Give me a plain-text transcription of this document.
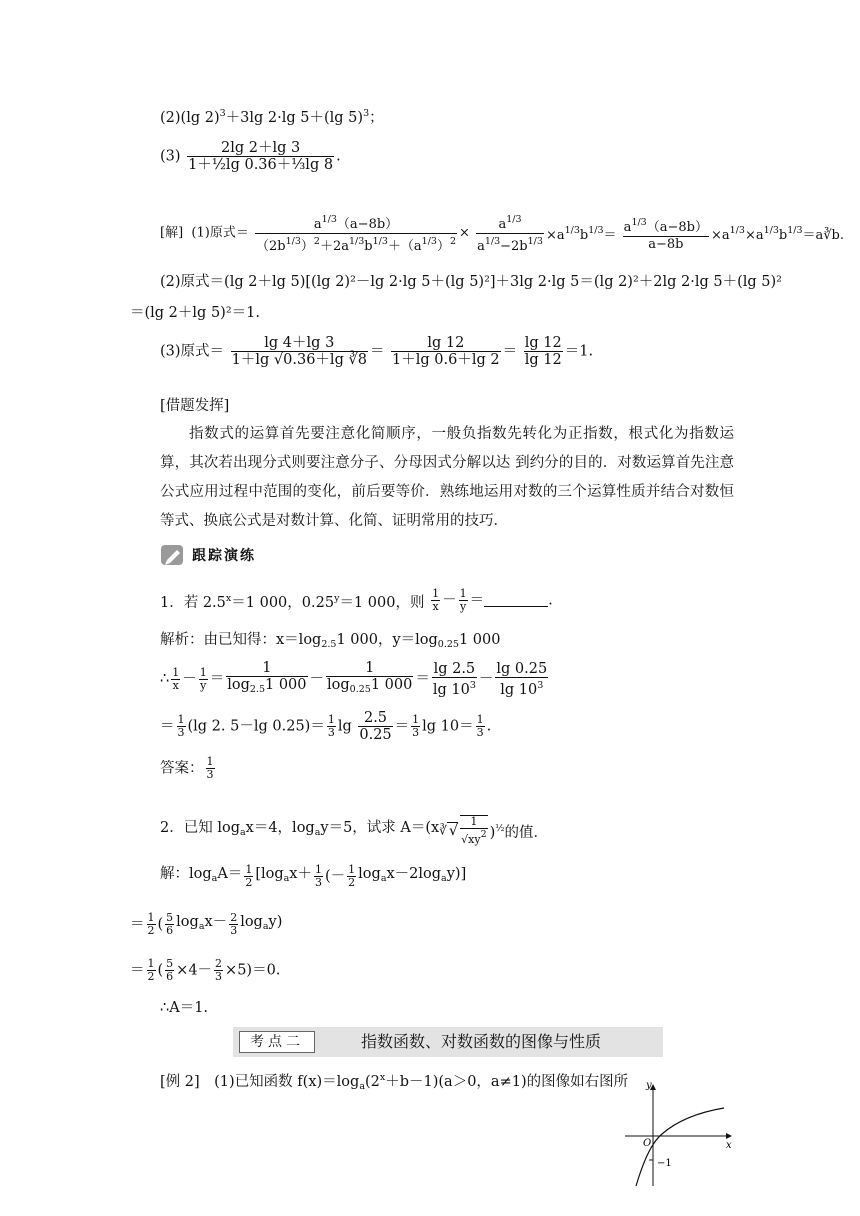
(2)(lg 2)$^3$＋3lg 2·lg 5＋(lg 5)$^3$；
$(3) \frac{2\lg 2+\lg 3}{\text{1＋½lg 0.36＋⅓lg 8}}$ .
[解]  (1)原式＝ $\frac{a^{1/3}(a-8b)}{(2b^{1/3})^2+2a^{1/3}b^{1/3}+(a^{1/3})^2} \times \frac{a^{1/3}}{a^{1/3}-2b^{1/3}} \times a^{1/3}b^{1/3}= \frac{a^{1/3}(a-8b)}{a-8b}$ $\times a^{1/3}\times a^{1/3}b^{1/3}=a∛b$.
(2)原式＝(lg 2＋lg 5)[(lg 2)²－lg 2·lg 5＋(lg 5)²]＋3lg 2·lg 5＝(lg 2)²＋2lg 2·lg 5＋(lg 5)²
＝(lg 2＋lg 5)²＝1.
(3)原式＝ $\frac{\lg 4+\lg 3}{1+\lg √0.36+\lg ∛8} = \frac{\lg 12}{1+\lg 0.6+\lg 2} = \frac{\lg 12}{\lg 12} =1$.
[借题发挥]
指数式的运算首先要注意化简顺序，一般负指数先转化为正指数，根式化为指数运算，其次若出现分式则要注意分子、分母因式分解以达 到约分的目的．对数运算首先注意公式应用过程中范围的变化，前后要等价．熟练地运用对数的三个运算性质并结合对数恒等式、换底公式是对数计算、化简、证明常用的技巧．
跟踪演练
1．若 $2.5^x=1$ 000，$0.25^y=1$ 000，则 $\frac{1}{x} - \frac{1}{y}$ ＝	.
解析：由已知得：$x=\log_{2.5}1$ 000，$y=\log_{0.25}1$ 000
∴ $\frac{1}{x} - \frac{1}{y} = \frac{1}{\log_{2.5}1 000} - \frac{1}{\log_{0.25}1 000} = \frac{\lg 2.5}{\lg 10^3} - \frac{\lg 0.25}{\lg 10^3}$
＝ $\frac{1}{3} (\lg$ 2. 5－lg $0.25)= \frac{1}{3}$ $\lg \frac{2.5}{0.25} = \frac{1}{3}$ $\lg 10= \frac{1}{3}$ .
答案： $\frac{1}{3}$
2．已知 $\log_ax=4$，$\log_ay=5$，试求 A＝(x∛ √ $\frac{1}{√xy2} )^{\frac{1}{2}}$的值．
解：$\log_aA= \frac{1}{2} [\log_ax+ \frac{1}{3}$ (－ $\frac{1}{2} \log_ax-2\log_ay$)]
＝ $\frac{1}{2}$ ( $\frac{5}{6} \log_ax- \frac{2}{3} \log_ay$)
＝ $\frac{1}{2}$ ( $\frac{5}{6} \times 4- \frac{2}{3} \times 5)=0$.
∴A＝1.
考点二	指数函数、对数函数的图像与性质
[例 2]　(1)已知函数 $f(x)=\log_a(2^x+b-1)(a>0$，a≠1)的图像如右图所 y
x
O
−1
